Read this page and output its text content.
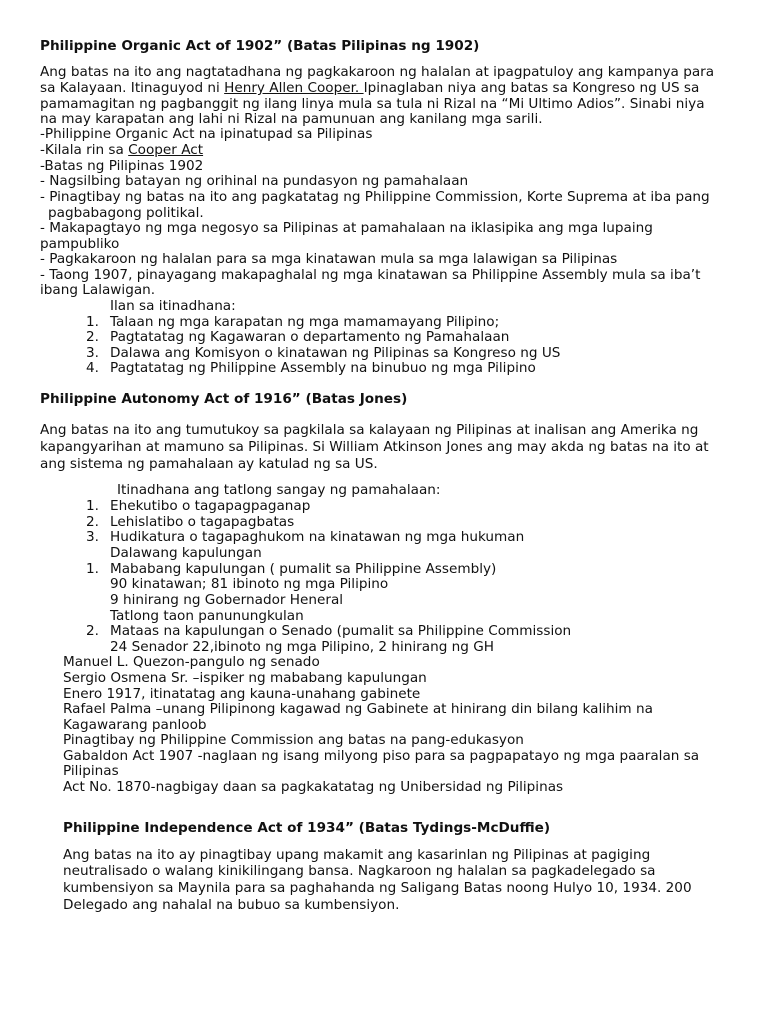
Philippine Organic Act of 1902” (Batas Pilipinas ng 1902)

Ang batas na ito ang nagtatadhana ng pagkakaroon ng halalan at ipagpatuloy ang kampanya para

sa Kalayaan. Itinaguyod ni Henry Allen Cooper. Ipinaglaban niya ang batas sa Kongreso ng US sa

pamamagitan ng pagbanggit ng ilang linya mula sa tula ni Rizal na “Mi Ultimo Adios”. Sinabi niya

na may karapatan ang lahi ni Rizal na pamunuan ang kanilang mga sarili.

-Philippine Organic Act na ipinatupad sa Pilipinas

-Kilala rin sa Cooper Act

-Batas ng Pilipinas 1902

- Nagsilbing batayan ng orihinal na pundasyon ng pamahalaan

- Pinagtibay ng batas na ito ang pagkatatag ng Philippine Commission, Korte Suprema at iba pang

pagbabagong politikal.

- Makapagtayo ng mga negosyo sa Pilipinas at pamahalaan na iklasipika ang mga lupaing

pampubliko

- Pagkakaroon ng halalan para sa mga kinatawan mula sa mga lalawigan sa Pilipinas

- Taong 1907, pinayagang makapaghalal ng mga kinatawan sa Philippine Assembly mula sa iba’t

ibang Lalawigan.

Ilan sa itinadhana:

1. Talaan ng mga karapatan ng mga mamamayang Pilipino;

2. Pagtatatag ng Kagawaran o departamento ng Pamahalaan

3. Dalawa ang Komisyon o kinatawan ng Pilipinas sa Kongreso ng US

4. Pagtatatag ng Philippine Assembly na binubuo ng mga Pilipino

Philippine Autonomy Act of 1916” (Batas Jones)

Ang batas na ito ang tumutukoy sa pagkilala sa kalayaan ng Pilipinas at inalisan ang Amerika ng

kapangyarihan at mamuno sa Pilipinas. Si William Atkinson Jones ang may akda ng batas na ito at

ang sistema ng pamahalaan ay katulad ng sa US.

Itinadhana ang tatlong sangay ng pamahalaan:

1. Ehekutibo o tagapagpaganap

2. Lehislatibo o tagapagbatas

3. Hudikatura o tagapaghukom na kinatawan ng mga hukuman

Dalawang kapulungan

1. Mababang kapulungan ( pumalit sa Philippine Assembly)

90 kinatawan; 81 ibinoto ng mga Pilipino

9 hinirang ng Gobernador Heneral

Tatlong taon panunungkulan

2. Mataas na kapulungan o Senado (pumalit sa Philippine Commission

24 Senador 22,ibinoto ng mga Pilipino, 2 hinirang ng GH

Manuel L. Quezon-pangulo ng senado

Sergio Osmena Sr. –ispiker ng mababang kapulungan

Enero 1917, itinatatag ang kauna-unahang gabinete

Rafael Palma –unang Pilipinong kagawad ng Gabinete at hinirang din bilang kalihim na

Kagawarang panloob

Pinagtibay ng Philippine Commission ang batas na pang-edukasyon

Gabaldon Act 1907 -naglaan ng isang milyong piso para sa pagpapatayo ng mga paaralan sa

Pilipinas

Act No. 1870-nagbigay daan sa pagkakatatag ng Unibersidad ng Pilipinas

Philippine Independence Act of 1934” (Batas Tydings-McDuffie)

Ang batas na ito ay pinagtibay upang makamit ang kasarinlan ng Pilipinas at pagiging

neutralisado o walang kinikilingang bansa. Nagkaroon ng halalan sa pagkadelegado sa

kumbensiyon sa Maynila para sa paghahanda ng Saligang Batas noong Hulyo 10, 1934. 200

Delegado ang nahalal na bubuo sa kumbensiyon.
